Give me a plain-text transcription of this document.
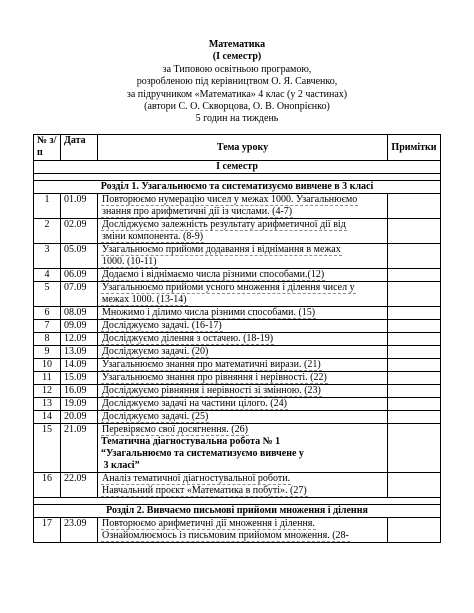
Математика
(І семестр)
за Типовою освітньою програмою,
розробленою під керівництвом О. Я. Савченко,
за підручником «Математика» 4 клас (у 2 частинах)
(автори С. О. Скворцова, О. В. Онопрієнко)
5 годин на тиждень
№ з/п	Дата	Тема уроку	Примітки
І семестр			

Розділ 1. Узагальнюємо та систематизуємо вивчене в 3 класі			
1	01.09	Повторюємо нумерацію чисел у межах 1000. Узагальнюємо
знання про арифметичні дії із числами. (4-7)	

2	02.09	Досліджуємо залежність результату арифметичної дії від
зміни компонента. (8-9)	

3	05.09	Узагальнюємо прийоми додавання і віднімання в межах
1000. (10-11)	

4	06.09	Додаємо і віднімаємо числа різними способами.(12)	

5	07.09	Узагальнюємо прийоми усного множення і ділення чисел у
межах 1000. (13-14)	

6	08.09	Множимо і ділимо числа різними способами. (15)	

7	09.09	Досліджуємо задачі. (16-17)	

8	12.09	Досліджуємо ділення з остачею. (18-19)	

9	13.09	Досліджуємо задачі. (20)	

10	14.09	Узагальнюємо знання про математичні вирази. (21)	

11	15.09	Узагальнюємо знання про рівняння і нерівності. (22)	

12	16.09	Досліджуємо рівняння і нерівності зі змінною. (23)	

13	19.09	Досліджуємо задачі на частини цілого. (24)	

14	20.09	Досліджуємо задачі. (25)	

15	21.09	Перевіряємо свої досягнення. (26)
Тематична діагностувальна робота № 1
“Узагальнюємо та систематизуємо вивчене у
3 класі”	

16	22.09	Аналіз тематичної діагностувальної роботи.
Навчальний проєкт «Математика в побуті». (27)	

Розділ 2. Вивчаємо письмові прийоми множення і ділення			
17	23.09	Повторюємо арифметичні дії множення і ділення.
Ознайомлюємось із письмовим прийомом множення. (28-	
